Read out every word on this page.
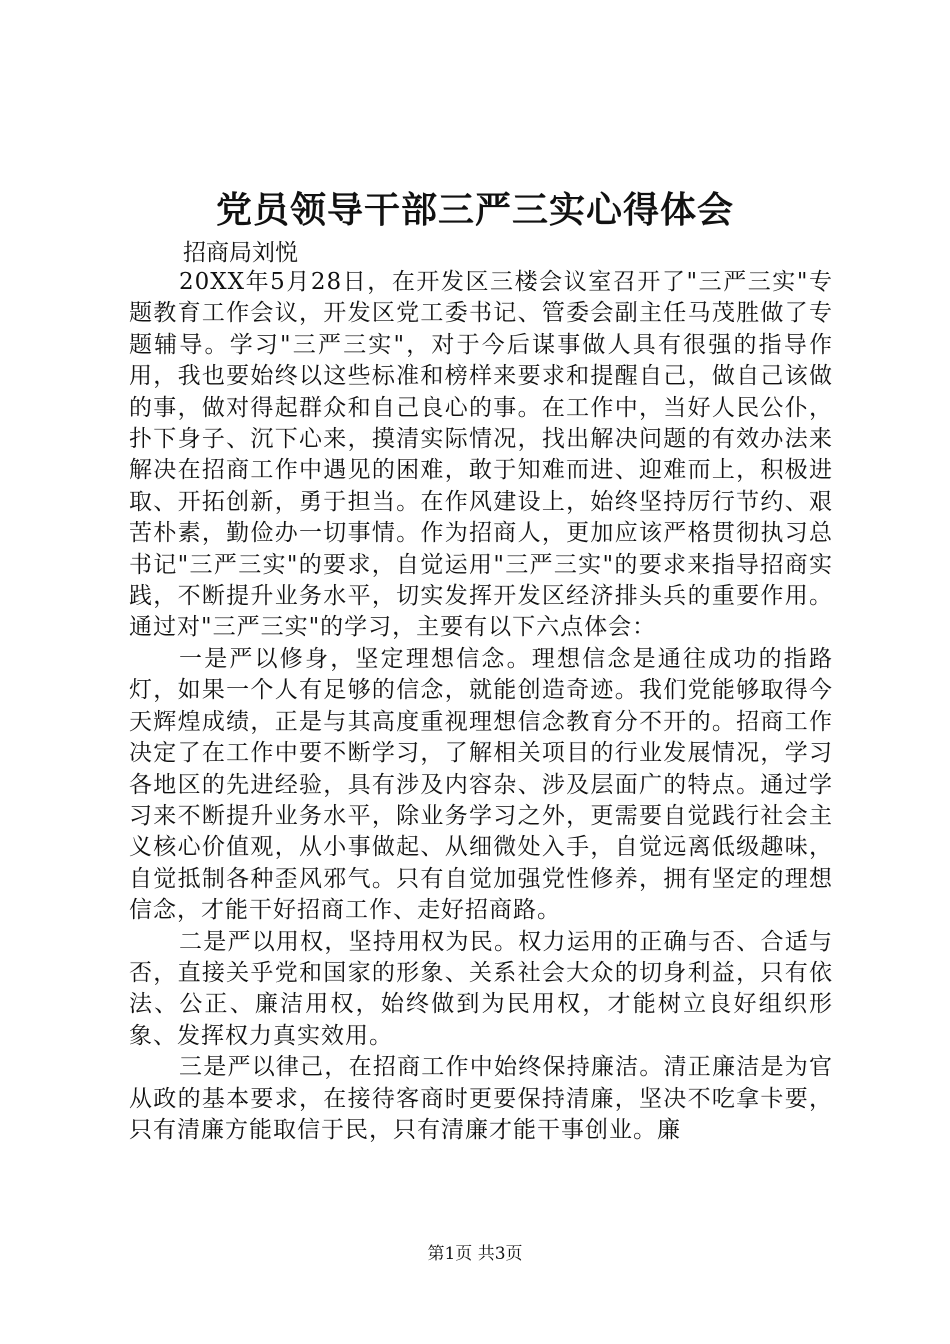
党员领导干部三严三实心得体会
招商局刘悦

20XX年5月28日，在开发区三楼会议室召开了"三严三实"专题教育工作会议，开发区党工委书记、管委会副主任马茂胜做了专题辅导。学习"三严三实"，对于今后谋事做人具有很强的指导作用，我也要始终以这些标准和榜样来要求和提醒自己，做自己该做的事，做对得起群众和自己良心的事。在工作中，当好人民公仆，扑下身子、沉下心来，摸清实际情况，找出解决问题的有效办法来解决在招商工作中遇见的困难，敢于知难而进、迎难而上，积极进取、开拓创新，勇于担当。在作风建设上，始终坚持厉行节约、艰苦朴素，勤俭办一切事情。作为招商人，更加应该严格贯彻执习总书记"三严三实"的要求，自觉运用"三严三实"的要求来指导招商实践，不断提升业务水平，切实发挥开发区经济排头兵的重要作用。通过对"三严三实"的学习，主要有以下六点体会：

一是严以修身，坚定理想信念。理想信念是通往成功的指路灯，如果一个人有足够的信念，就能创造奇迹。我们党能够取得今天辉煌成绩，正是与其高度重视理想信念教育分不开的。招商工作决定了在工作中要不断学习，了解相关项目的行业发展情况，学习各地区的先进经验，具有涉及内容杂、涉及层面广的特点。通过学习来不断提升业务水平，除业务学习之外，更需要自觉践行社会主义核心价值观，从小事做起、从细微处入手，自觉远离低级趣味，自觉抵制各种歪风邪气。只有自觉加强党性修养，拥有坚定的理想信念，才能干好招商工作、走好招商路。

二是严以用权，坚持用权为民。权力运用的正确与否、合适与否，直接关乎党和国家的形象、关系社会大众的切身利益，只有依法、公正、廉洁用权，始终做到为民用权，才能树立良好组织形象、发挥权力真实效用。

三是严以律己，在招商工作中始终保持廉洁。清正廉洁是为官从政的基本要求，在接待客商时更要保持清廉，坚决不吃拿卡要，只有清廉方能取信于民，只有清廉才能干事创业。廉

第1页 共3页
